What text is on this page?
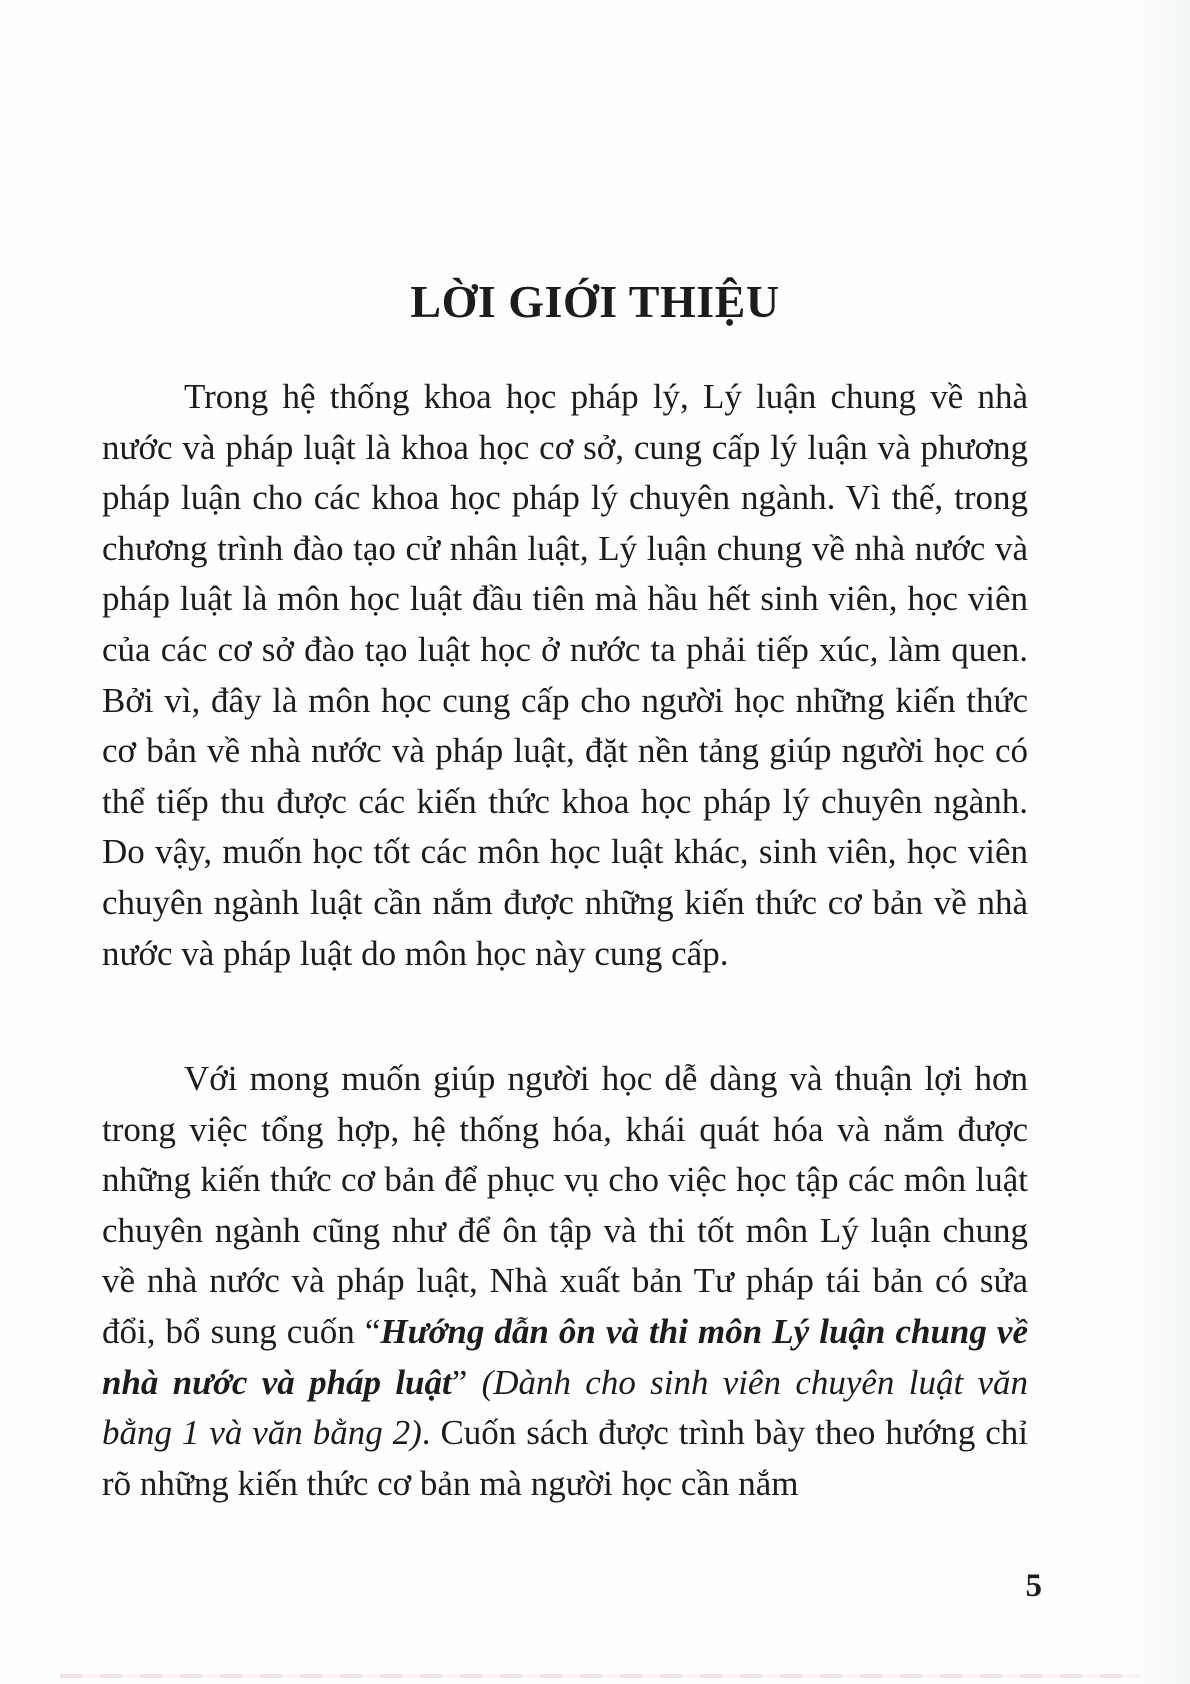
LỜI GIỚI THIỆU

Trong hệ thống khoa học pháp lý, Lý luận chung về nhà nước và pháp luật là khoa học cơ sở, cung cấp lý luận và phương pháp luận cho các khoa học pháp lý chuyên ngành. Vì thế, trong chương trình đào tạo cử nhân luật, Lý luận chung về nhà nước và pháp luật là môn học luật đầu tiên mà hầu hết sinh viên, học viên của các cơ sở đào tạo luật học ở nước ta phải tiếp xúc, làm quen. Bởi vì, đây là môn học cung cấp cho người học những kiến thức cơ bản về nhà nước và pháp luật, đặt nền tảng giúp người học có thể tiếp thu được các kiến thức khoa học pháp lý chuyên ngành. Do vậy, muốn học tốt các môn học luật khác, sinh viên, học viên chuyên ngành luật cần nắm được những kiến thức cơ bản về nhà nước và pháp luật do môn học này cung cấp.

Với mong muốn giúp người học dễ dàng và thuận lợi hơn trong việc tổng hợp, hệ thống hóa, khái quát hóa và nắm được những kiến thức cơ bản để phục vụ cho việc học tập các môn luật chuyên ngành cũng như để ôn tập và thi tốt môn Lý luận chung về nhà nước và pháp luật, Nhà xuất bản Tư pháp tái bản có sửa đổi, bổ sung cuốn “Hướng dẫn ôn và thi môn Lý luận chung về nhà nước và pháp luật” (Dành cho sinh viên chuyên luật văn bằng 1 và văn bằng 2). Cuốn sách được trình bày theo hướng chỉ rõ những kiến thức cơ bản mà người học cần nắm

5
